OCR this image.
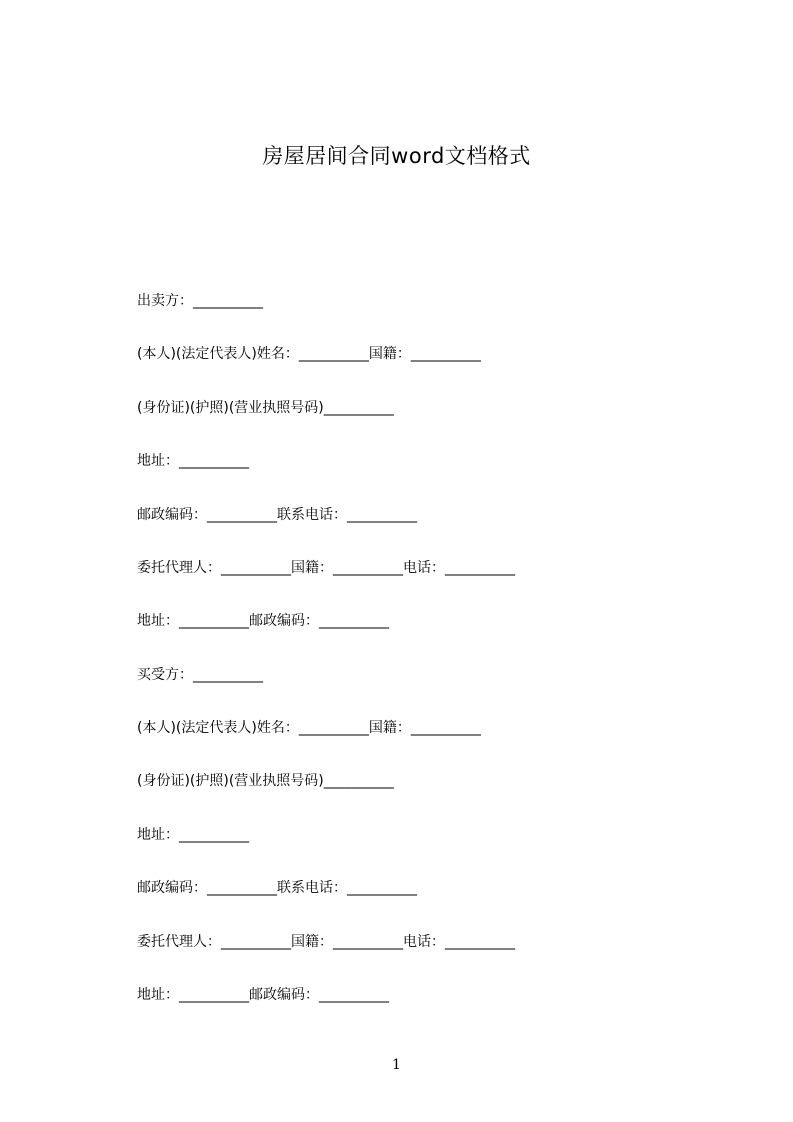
房屋居间合同word文档格式
出卖方：__________
(本人)(法定代表人)姓名：__________国籍：__________
(身份证)(护照)(营业执照号码)__________
地址：__________
邮政编码：__________联系电话：__________
委托代理人：__________国籍：__________电话：__________
地址：__________邮政编码：__________
买受方：__________
(本人)(法定代表人)姓名：__________国籍：__________
(身份证)(护照)(营业执照号码)__________
地址：__________
邮政编码：__________联系电话：__________
委托代理人：__________国籍：__________电话：__________
地址：__________邮政编码：__________
1
